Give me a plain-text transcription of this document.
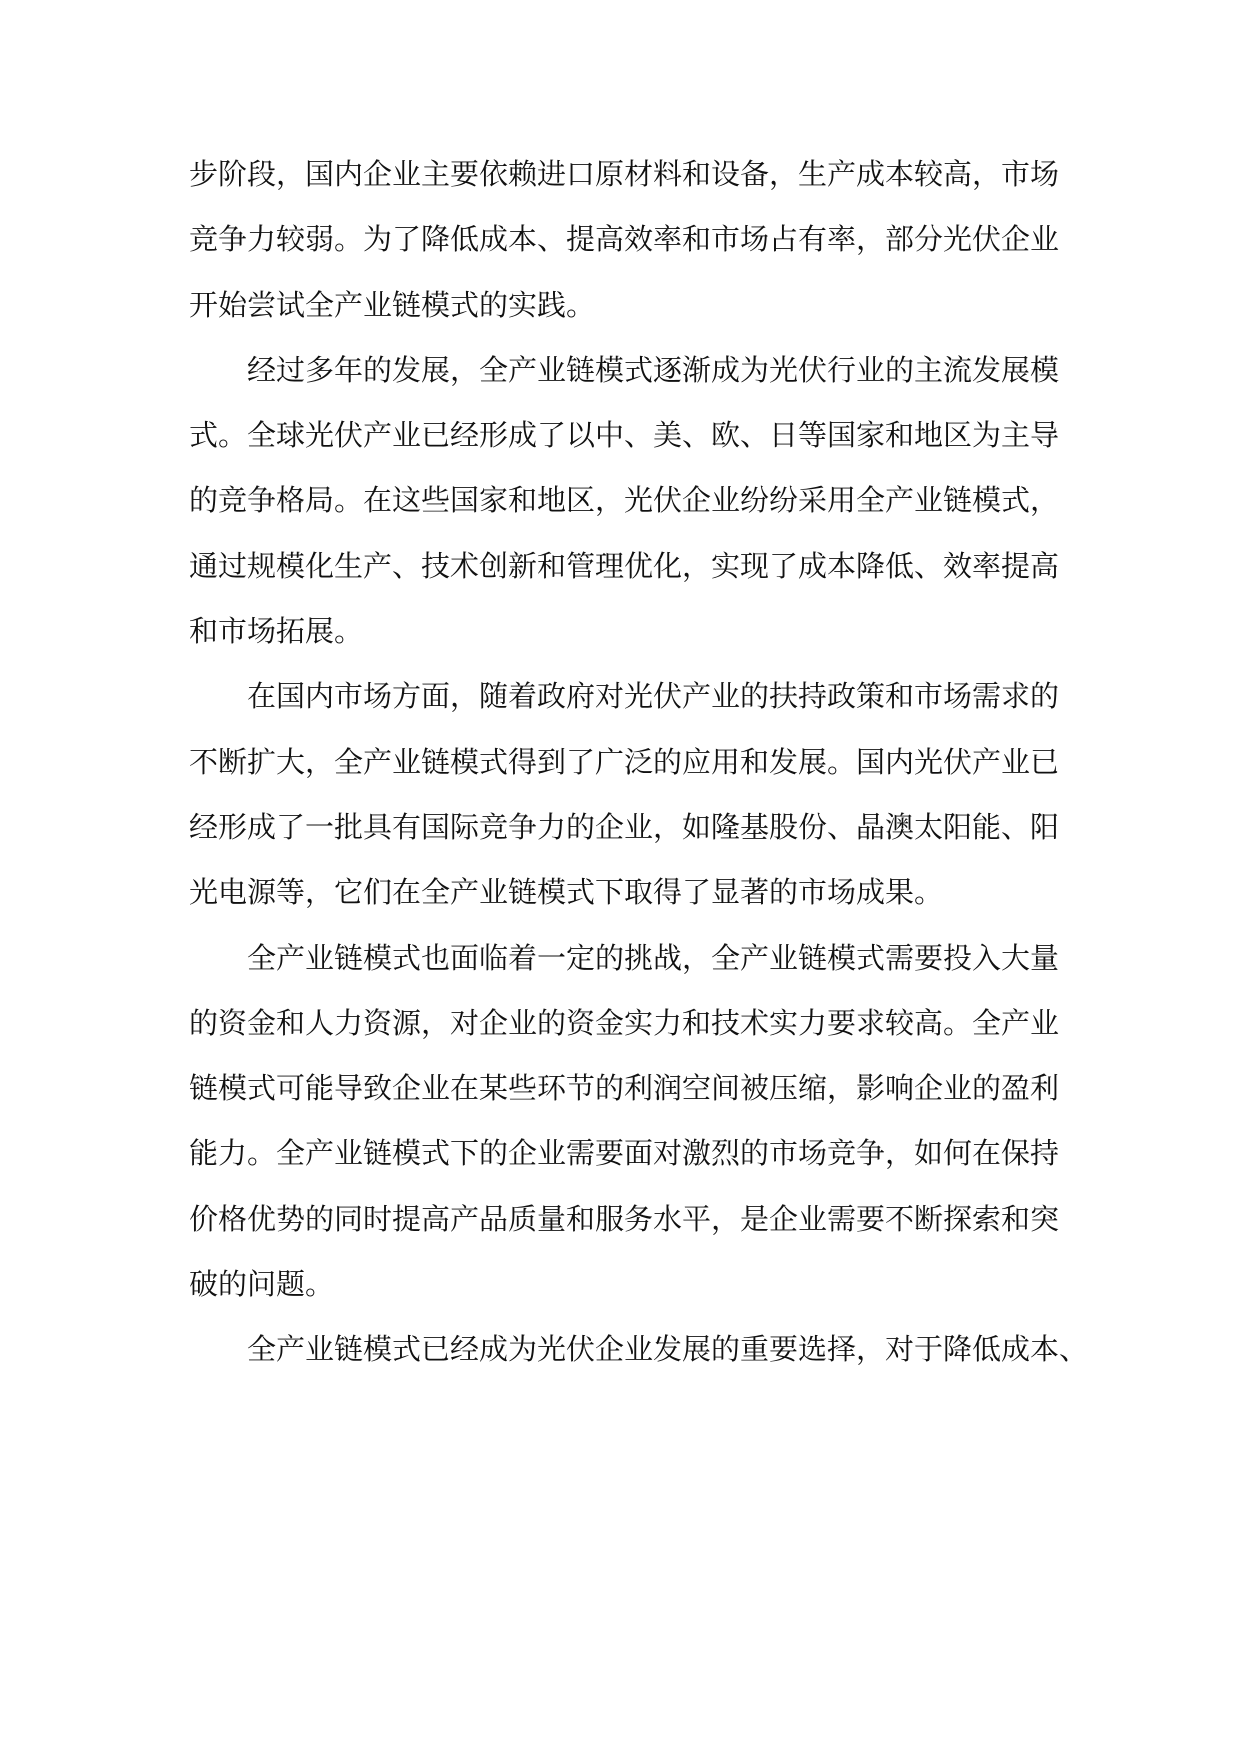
步阶段，国内企业主要依赖进口原材料和设备，生产成本较高，市场
竞争力较弱。为了降低成本、提高效率和市场占有率，部分光伏企业
开始尝试全产业链模式的实践。
经过多年的发展，全产业链模式逐渐成为光伏行业的主流发展模
式。全球光伏产业已经形成了以中、美、欧、日等国家和地区为主导
的竞争格局。在这些国家和地区，光伏企业纷纷采用全产业链模式，
通过规模化生产、技术创新和管理优化，实现了成本降低、效率提高
和市场拓展。
在国内市场方面，随着政府对光伏产业的扶持政策和市场需求的
不断扩大，全产业链模式得到了广泛的应用和发展。国内光伏产业已
经形成了一批具有国际竞争力的企业，如隆基股份、晶澳太阳能、阳
光电源等，它们在全产业链模式下取得了显著的市场成果。
全产业链模式也面临着一定的挑战，全产业链模式需要投入大量
的资金和人力资源，对企业的资金实力和技术实力要求较高。全产业
链模式可能导致企业在某些环节的利润空间被压缩，影响企业的盈利
能力。全产业链模式下的企业需要面对激烈的市场竞争，如何在保持
价格优势的同时提高产品质量和服务水平，是企业需要不断探索和突
破的问题。
全产业链模式已经成为光伏企业发展的重要选择，对于降低成本、
